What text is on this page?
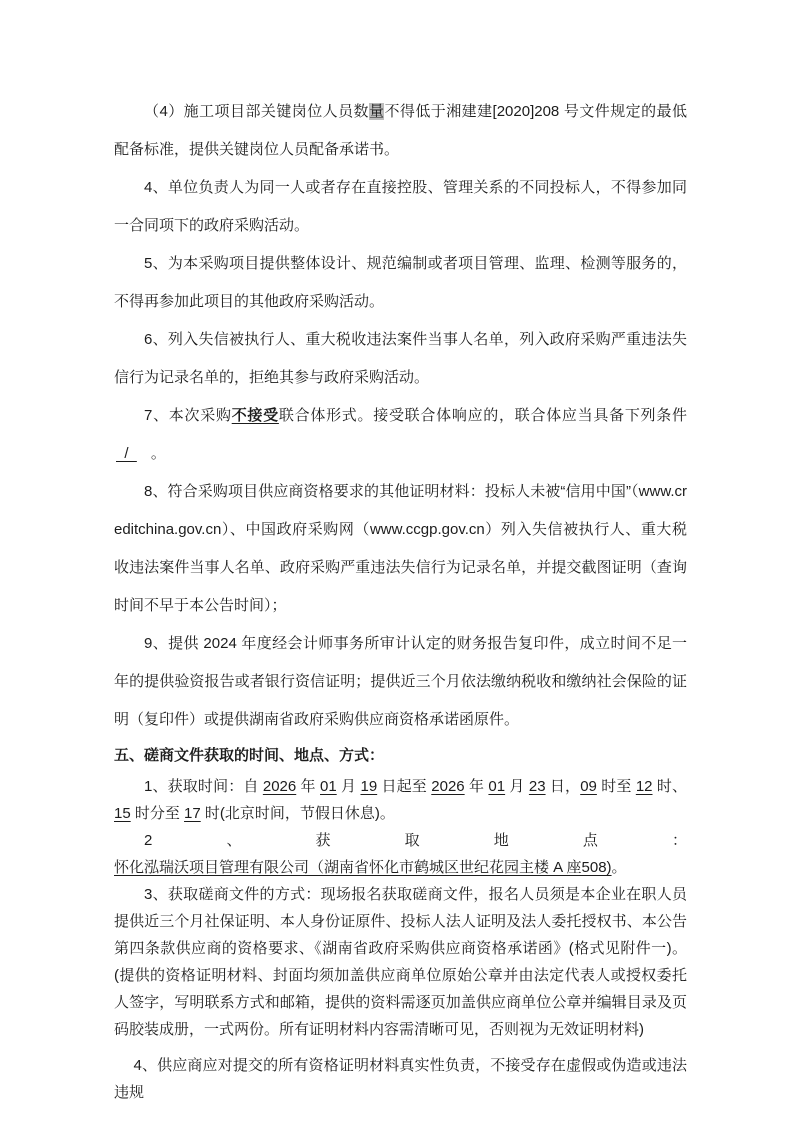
（4）施工项目部关键岗位人员数量不得低于湘建建[2020]208 号文件规定的最低配备标准，提供关键岗位人员配备承诺书。

4、单位负责人为同一人或者存在直接控股、管理关系的不同投标人，不得参加同一合同项下的政府采购活动。

5、为本采购项目提供整体设计、规范编制或者项目管理、监理、检测等服务的，不得再参加此项目的其他政府采购活动。

6、列入失信被执行人、重大税收违法案件当事人名单，列入政府采购严重违法失信行为记录名单的，拒绝其参与政府采购活动。

7、本次采购不接受联合体形式。接受联合体响应的，联合体应当具备下列条件  /  。

8、符合采购项目供应商资格要求的其他证明材料：投标人未被“信用中国”（www.creditchina.gov.cn）、中国政府采购网（www.ccgp.gov.cn）列入失信被执行人、重大税收违法案件当事人名单、政府采购严重违法失信行为记录名单，并提交截图证明（查询时间不早于本公告时间）；

9、提供 2024 年度经会计师事务所审计认定的财务报告复印件，成立时间不足一年的提供验资报告或者银行资信证明；提供近三个月依法缴纳税收和缴纳社会保险的证明（复印件）或提供湖南省政府采购供应商资格承诺函原件。

五、磋商文件获取的时间、地点、方式：

1、获取时间：自 2026 年 01 月 19 日起至 2026 年 01 月 23 日，09 时至 12 时、15 时分至 17 时(北京时间，节假日休息)。

2、获取地点：怀化泓瑞沃项目管理有限公司（湖南省怀化市鹤城区世纪花园主楼 A 座508)。

3、获取磋商文件的方式：现场报名获取磋商文件，报名人员须是本企业在职人员提供近三个月社保证明、本人身份证原件、投标人法人证明及法人委托授权书、本公告第四条款供应商的资格要求、《湖南省政府采购供应商资格承诺函》(格式见附件一)。(提供的资格证明材料、封面均须加盖供应商单位原始公章并由法定代表人或授权委托人签字，写明联系方式和邮箱，提供的资料需逐页加盖供应商单位公章并编辑目录及页码胶装成册，一式两份。所有证明材料内容需清晰可见，否则视为无效证明材料)

4、供应商应对提交的所有资格证明材料真实性负责，不接受存在虚假或伪造或违法违规
